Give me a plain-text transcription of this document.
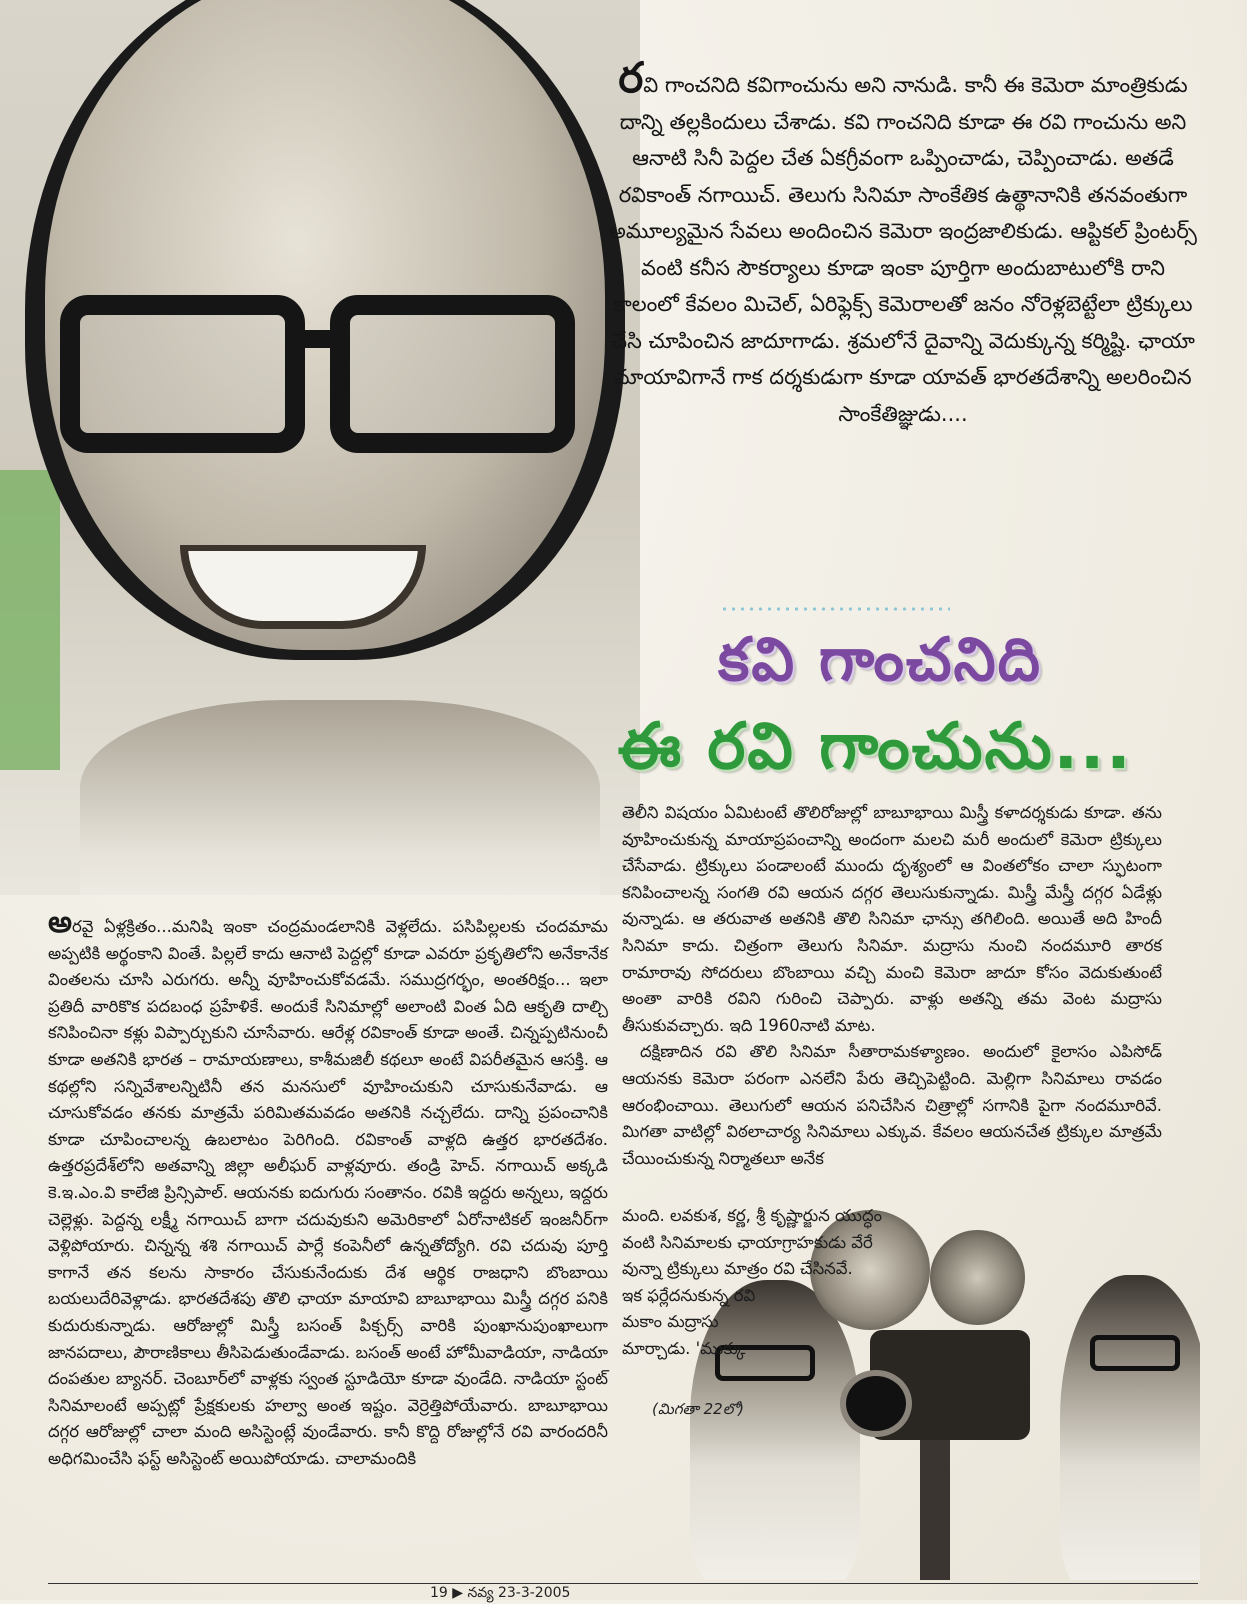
రవి గాంచనిది కవిగాంచును అని నానుడి. కానీ ఈ కెమెరా మాంత్రికుడు దాన్ని తల్లకిందులు చేశాడు. కవి గాంచనిది కూడా ఈ రవి గాంచును అని ఆనాటి సినీ పెద్దల చేత ఏకగ్రీవంగా ఒప్పించాడు, చెప్పించాడు. అతడే రవికాంత్ నగాయిచ్. తెలుగు సినిమా సాంకేతిక ఉత్థానానికి తనవంతుగా అమూల్యమైన సేవలు అందించిన కెమెరా ఇంద్రజాలికుడు. ఆప్టికల్ ప్రింటర్స్ వంటి కనీస సౌకర్యాలు కూడా ఇంకా పూర్తిగా అందుబాటులోకి రాని కాలంలో కేవలం మిచెల్, ఏరిఫ్లెక్స్ కెమెరాలతో జనం నోరెళ్లబెట్టేలా ట్రిక్కులు చేసి చూపించిన జాదూగాడు. శ్రమలోనే దైవాన్ని వెదుక్కున్న కర్మిష్టి. ఛాయా మాయావిగానే గాక దర్శకుడుగా కూడా యావత్ భారతదేశాన్ని అలరించిన సాంకేతిజ్ఞుడు....
కవి గాంచనిది
ఈ రవి గాంచును...

అరవై ఏళ్లక్రితం...మనిషి ఇంకా చంద్రమండలానికి వెళ్లలేదు. పసిపిల్లలకు చందమామ అప్పటికి అర్థంకాని వింతే. పిల్లలే కాదు ఆనాటి పెద్దల్లో కూడా ఎవరూ ప్రకృతిలోని అనేకానేక వింతలను చూసి ఎరుగరు. అన్నీ వూహించుకోవడమే. సముద్రగర్భం, అంతరిక్షం... ఇలా ప్రతిదీ వారికొక పదబంధ ప్రహేళికే. అందుకే సినిమాల్లో అలాంటి వింత ఏది ఆకృతి దాల్చి కనిపించినా కళ్లు విప్పార్చుకుని చూసేవారు. ఆరేళ్ల రవికాంత్ కూడా అంతే. చిన్నప్పటినుంచీ కూడా అతనికి భారత – రామాయణాలు, కాశీమజిలీ కథలూ అంటే విపరీతమైన ఆసక్తి. ఆ కథల్లోని సన్నివేశాలన్నిటినీ తన మనసులో వూహించుకుని చూసుకునేవాడు. ఆ చూసుకోవడం తనకు మాత్రమే పరిమితమవడం అతనికి నచ్చలేదు. దాన్ని ప్రపంచానికి కూడా చూపించాలన్న ఉబలాటం పెరిగింది. రవికాంత్ వాళ్లది ఉత్తర భారతదేశం. ఉత్తరప్రదేశ్‌లోని అతవాన్ని జిల్లా అలీఘర్ వాళ్లవూరు. తండ్రి హెచ్. నగాయిచ్ అక్కడి కె.ఇ.ఎం.వి కాలేజి ప్రిన్సిపాల్. ఆయనకు ఐదుగురు సంతానం. రవికి ఇద్దరు అన్నలు, ఇద్దరు చెల్లెళ్లు. పెద్దన్న లక్ష్మీ నగాయిచ్ బాగా చదువుకుని అమెరికాలో ఏరోనాటికల్ ఇంజనీర్‌గా వెళ్లిపోయారు. చిన్నన్న శశి నగాయిచ్ పార్లే కంపెనీలో ఉన్నతోద్యోగి. రవి చదువు పూర్తి కాగానే తన కలను సాకారం చేసుకునేందుకు దేశ ఆర్థిక రాజధాని బొంబాయి బయలుదేరివెళ్లాడు. భారతదేశపు తొలి ఛాయా మాయావి బాబూభాయి మిస్త్రీ దగ్గర పనికి కుదురుకున్నాడు. ఆరోజుల్లో మిస్త్రీ బసంత్ పిక్చర్స్ వారికి పుంఖానుపుంఖాలుగా జానపదాలు, పౌరాణికాలు తీసిపెడుతుండేవాడు. బసంత్ అంటే హోమీవాడియా, నాడియా దంపతుల బ్యానర్. చెంబూర్‌లో వాళ్లకు స్వంత స్టూడియో కూడా వుండేది. నాడియా స్టంట్ సినిమాలంటే అప్పట్లో ప్రేక్షకులకు హల్వా అంత ఇష్టం. వెర్రెత్తిపోయేవారు. బాబూభాయి దగ్గర ఆరోజుల్లో చాలా మంది అసిస్టెంట్లే వుండేవారు. కానీ కొద్ది రోజుల్లోనే రవి వారందరినీ అధిగమించేసి ఫస్ట్ అసిస్టెంట్ అయిపోయాడు. చాలామందికి

తెలీని విషయం ఏమిటంటే తొలిరోజుల్లో బాబూభాయి మిస్త్రీ కళాదర్శకుడు కూడా. తను వూహించుకున్న మాయాప్రపంచాన్ని అందంగా మలచి మరీ అందులో కెమెరా ట్రిక్కులు చేసేవాడు. ట్రిక్కులు పండాలంటే ముందు దృశ్యంలో ఆ వింతలోకం చాలా స్ఫుటంగా కనిపించాలన్న సంగతి రవి ఆయన దగ్గర తెలుసుకున్నాడు. మిస్త్రీ మేస్త్రీ దగ్గర ఏడేళ్లు వున్నాడు. ఆ తరువాత అతనికి తొలి సినిమా ఛాన్సు తగిలింది. అయితే అది హిందీ సినిమా కాదు. చిత్రంగా తెలుగు సినిమా. మద్రాసు నుంచి నందమూరి తారక రామారావు సోదరులు బొంబాయి వచ్చి మంచి కెమెరా జాదూ కోసం వెదుకుతుంటే అంతా వారికి రవిని గురించి చెప్పారు. వాళ్లు అతన్ని తమ వెంట మద్రాసు తీసుకువచ్చారు. ఇది 1960నాటి మాట.

దక్షిణాదిన రవి తొలి సినిమా సీతారామకళ్యాణం. అందులో కైలాసం ఎపిసోడ్ ఆయనకు కెమెరా పరంగా ఎనలేని పేరు తెచ్చిపెట్టింది. మెల్లిగా సినిమాలు రావడం ఆరంభించాయి. తెలుగులో ఆయన పనిచేసిన చిత్రాల్లో సగానికి పైగా నందమూరివే. మిగతా వాటిల్లో విఠలాచార్య సినిమాలు ఎక్కువ. కేవలం ఆయనచేత ట్రిక్కుల మాత్రమే చేయించుకున్న నిర్మాతలూ అనేక

మంది. లవకుశ, కర్ణ, శ్రీ కృష్ణార్జున యుద్ధం
వంటి సినిమాలకు ఛాయాగ్రాహకుడు వేరే
వున్నా ట్రిక్కులు మాత్రం రవి చేసినవే.
ఇక ఫర్లేదనుకున్న రవి
మకాం మద్రాసు
మార్చాడు. 'ముక్కు
(మిగతా 22లో)
19 ▶ నవ్య 23-3-2005
